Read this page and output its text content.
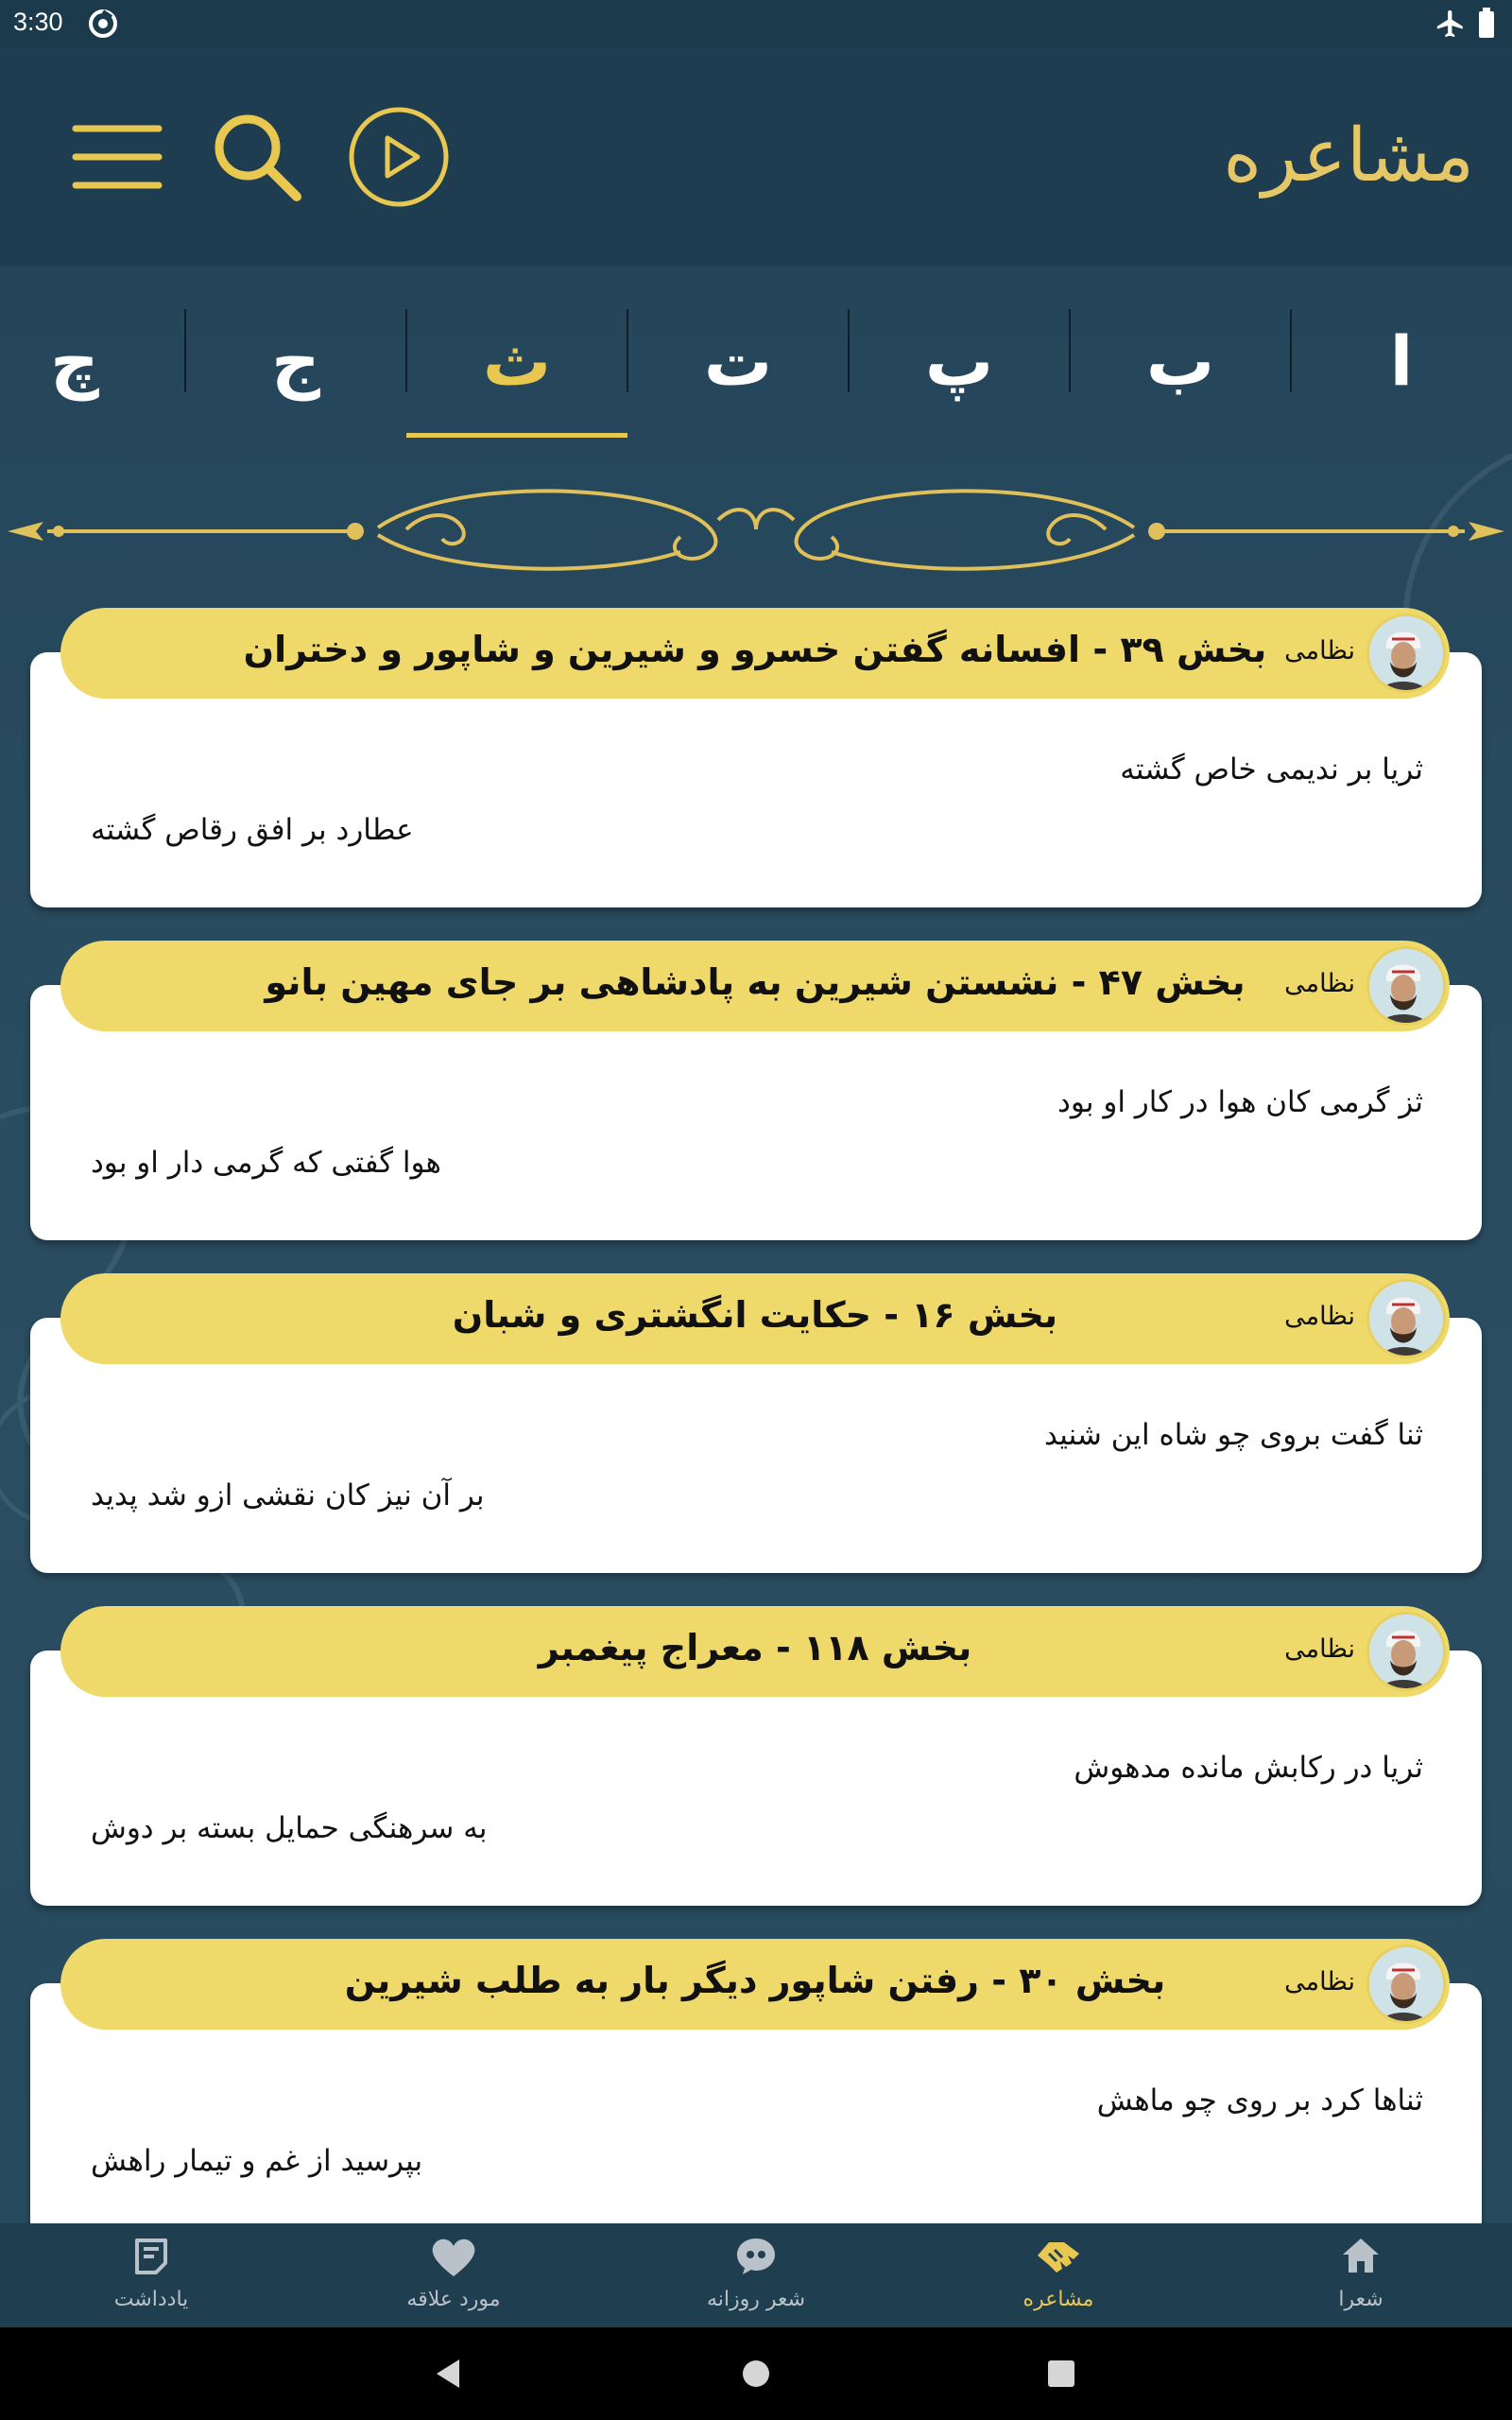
3:30
مشاعره
ا
ب
پ
ت
ث
ج
چ
ثریا بر ندیمی خاص گشته
عطارد بر افق رقاص گشته
نظامی
بخش ۳۹ - افسانه گفتن خسرو و شیرین و شاپور و دختران
ثز گرمی کان هوا در کار او بود
هوا گفتی که گرمی دار او بود
نظامی
بخش ۴۷ - نشستن شیرین به پادشاهی بر جای مهین بانو
ثنا گفت بروی چو شاه این شنید
بر آن نیز کان نقشی ازو شد پدید
نظامی
بخش ۱۶ - حکایت انگشتری و شبان
ثریا در رکابش مانده مدهوش
به سرهنگی حمایل بسته بر دوش
نظامی
بخش ۱۱۸ - معراج پیغمبر
ثناها کرد بر روی چو ماهش
بپرسید از غم و تیمار راهش
نظامی
بخش ۳۰ - رفتن شاپور دیگر بار به طلب شیرین
یادداشت	مورد علاقه	شعر روزانه	مشاعره	شعرا
